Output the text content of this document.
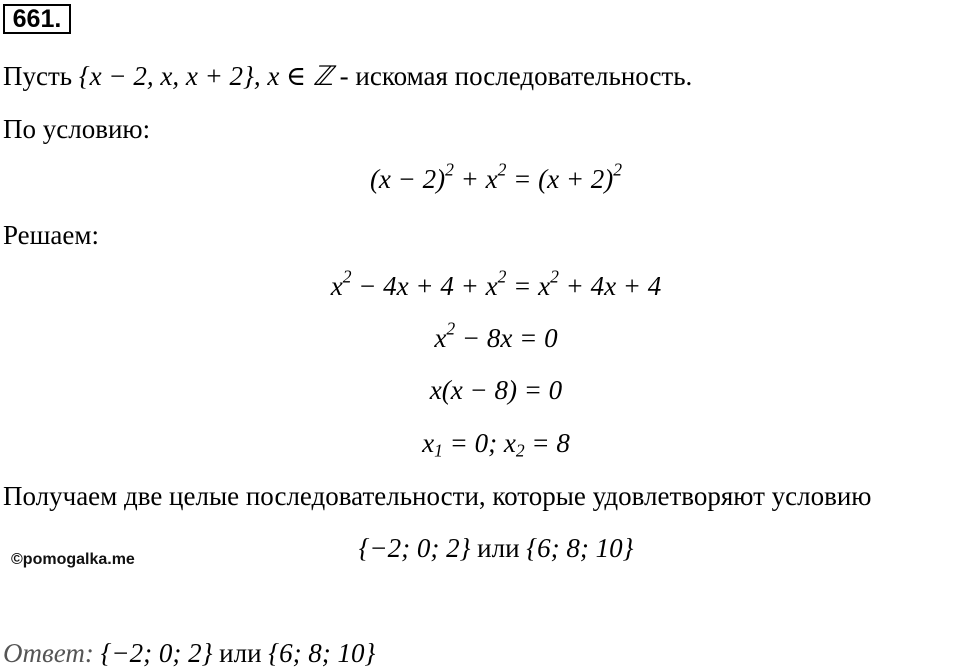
661.
Пусть {x − 2, x, x + 2}, x ∈ ℤ - искомая последовательность.
По условию:
$(x - 2)^2 + x^2 = (x + 2)^2$
Решаем:
$x^2 - 4x + 4 + x^2 = x^2 + 4x + 4$
$x^2 - 8x = 0$
x(x − 8) = 0
$x_1 = 0$; $x_2 = 8$
Получаем две целые последовательности, которые удовлетворяют условию
{−2; 0; 2} или {6; 8; 10}
©pomogalka.me
Ответ: {−2; 0; 2} или {6; 8; 10}
